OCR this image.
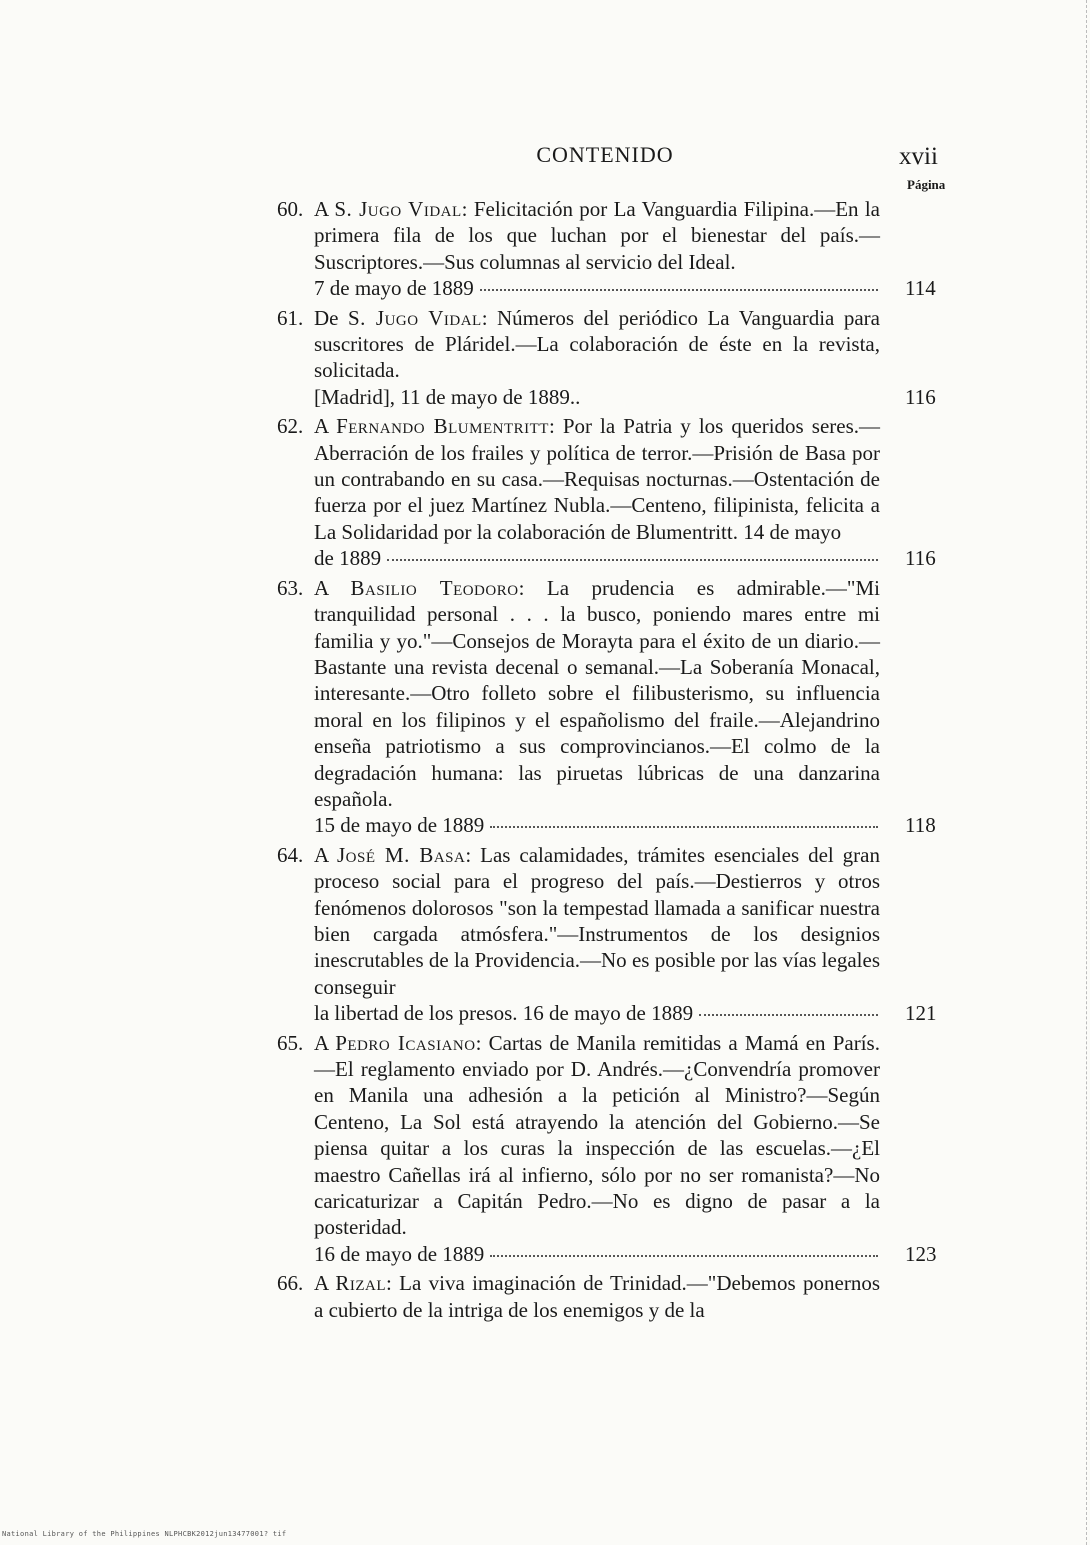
CONTENIDO	xvii
Página
60. A S. Jugo Vidal: Felicitación por La Vanguardia Filipina.—En la primera fila de los que luchan por el bienestar del país.—Suscriptores.—Sus columnas al servicio del Ideal.
7 de mayo de 1889	114
61. De S. Jugo Vidal: Números del periódico La Vanguardia para suscritores de Pláridel.—La colaboración de éste en la revista, solicitada.
[Madrid], 11 de mayo de 1889..	116
62. A Fernando Blumentritt: Por la Patria y los queridos seres.—Aberración de los frailes y política de terror.—Prisión de Basa por un contrabando en su casa.—Requisas nocturnas.—Ostentación de fuerza por el juez Martínez Nubla.—Centeno, filipinista, felicita a La Solidaridad por la colaboración de Blumentritt. 14 de mayo
de 1889	116
63. A Basilio Teodoro: La prudencia es admirable.—"Mi tranquilidad personal . . . la busco, poniendo mares entre mi familia y yo."—Consejos de Morayta para el éxito de un diario.—Bastante una revista decenal o semanal.—La Soberanía Monacal, interesante.—Otro folleto sobre el filibusterismo, su influencia moral en los filipinos y el españolismo del fraile.—Alejandrino enseña patriotismo a sus comprovincianos.—El colmo de la degradación humana: las piruetas lúbricas de una danzarina española.
15 de mayo de 1889	118
64. A José M. Basa: Las calamidades, trámites esenciales del gran proceso social para el progreso del país.—Destierros y otros fenómenos dolorosos "son la tempestad llamada a sanificar nuestra bien cargada atmósfera."—Instrumentos de los designios inescrutables de la Providencia.—No es posible por las vías legales conseguir
la libertad de los presos. 16 de mayo de 1889	121
65. A Pedro Icasiano: Cartas de Manila remitidas a Mamá en París.—El reglamento enviado por D. Andrés.—¿Convendría promover en Manila una adhesión a la petición al Ministro?—Según Centeno, La Sol está atrayendo la atención del Gobierno.—Se piensa quitar a los curas la inspección de las escuelas.—¿El maestro Cañellas irá al infierno, sólo por no ser romanista?—No caricaturizar a Capitán Pedro.—No es digno de pasar a la posteridad.
16 de mayo de 1889	123
66. A Rizal: La viva imaginación de Trinidad.—"Debemos ponernos a cubierto de la intriga de los enemigos y de la
National Library of the Philippines NLPHCBK2012jun13477001? tif
